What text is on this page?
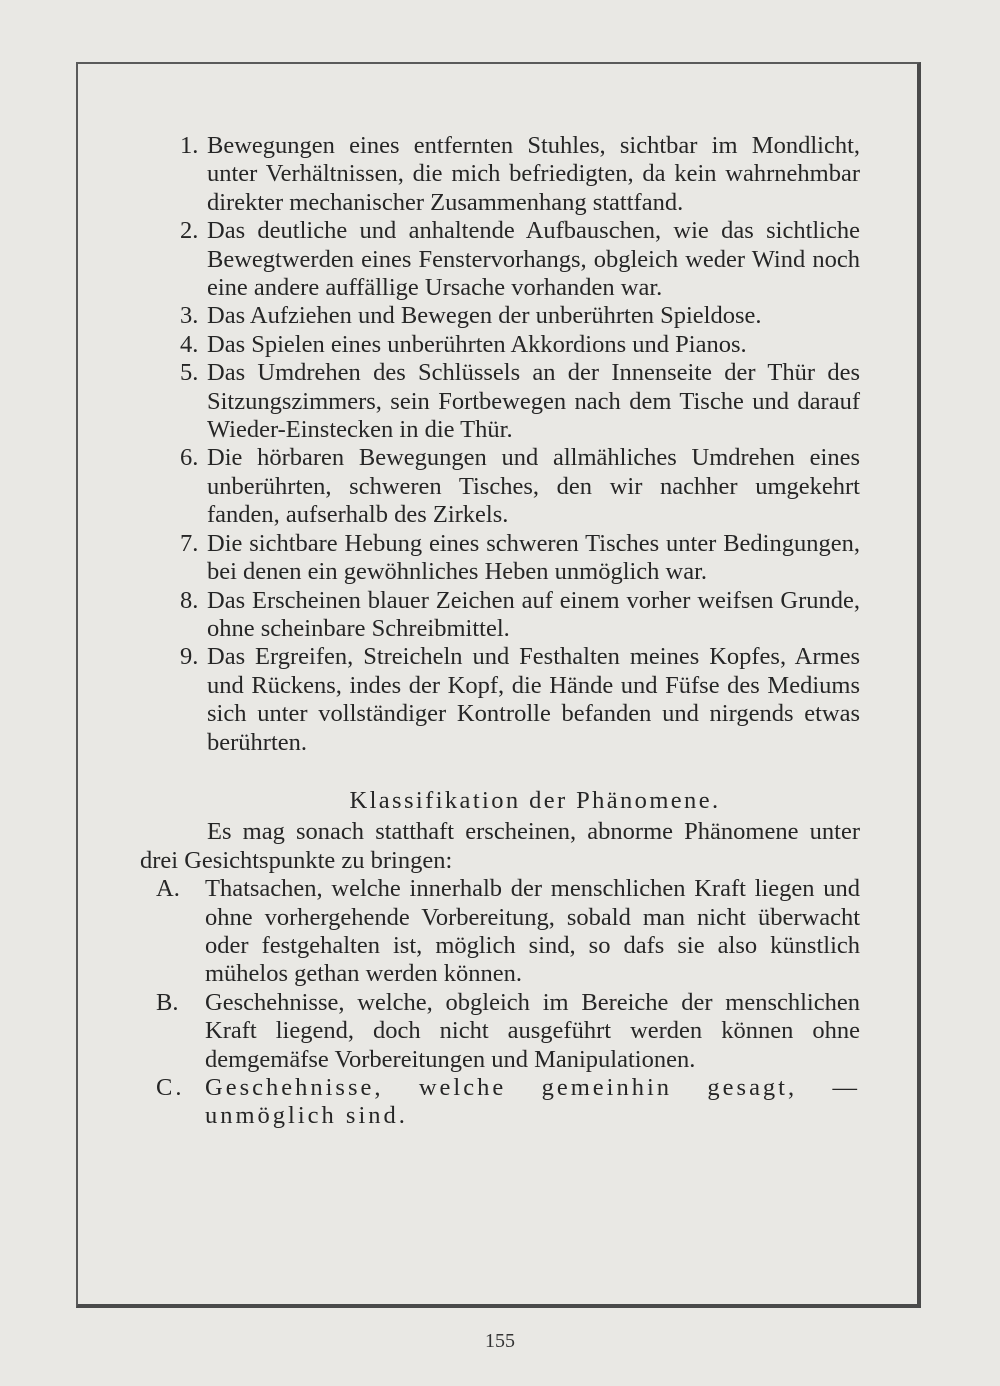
1. Bewegungen eines entfernten Stuhles, sichtbar im Mondlicht, unter Verhältnissen, die mich befriedigten, da kein wahrnehmbar direkter mechanischer Zusammenhang stattfand.
2. Das deutliche und anhaltende Aufbauschen, wie das sichtliche Bewegtwerden eines Fenstervorhangs, obgleich weder Wind noch eine andere auffällige Ursache vorhanden war.
3. Das Aufziehen und Bewegen der unberührten Spieldose.
4. Das Spielen eines unberührten Akkordions und Pianos.
5. Das Umdrehen des Schlüssels an der Innenseite der Thür des Sitzungszimmers, sein Fortbewegen nach dem Tische und darauf Wieder-Einstecken in die Thür.
6. Die hörbaren Bewegungen und allmähliches Umdrehen eines unberührten, schweren Tisches, den wir nachher umgekehrt fanden, aufserhalb des Zirkels.
7. Die sichtbare Hebung eines schweren Tisches unter Bedingungen, bei denen ein gewöhnliches Heben unmöglich war.
8. Das Erscheinen blauer Zeichen auf einem vorher weifsen Grunde, ohne scheinbare Schreibmittel.
9. Das Ergreifen, Streicheln und Festhalten meines Kopfes, Armes und Rückens, indes der Kopf, die Hände und Füfse des Mediums sich unter vollständiger Kontrolle befanden und nirgends etwas berührten.
Klassifikation der Phänomene.
Es mag sonach statthaft erscheinen, abnorme Phänomene unter drei Gesichtspunkte zu bringen:
A.	Thatsachen, welche innerhalb der menschlichen Kraft liegen und ohne vorhergehende Vorbereitung, sobald man nicht überwacht oder festgehalten ist, möglich sind, so dafs sie also künstlich mühelos gethan werden können.
B.	Geschehnisse, welche, obgleich im Bereiche der menschlichen Kraft liegend, doch nicht ausgeführt werden können ohne demgemäfse Vorbereitungen und Manipulationen.
C. Geschehnisse, welche gemeinhin gesagt, — unmöglich sind.
155
